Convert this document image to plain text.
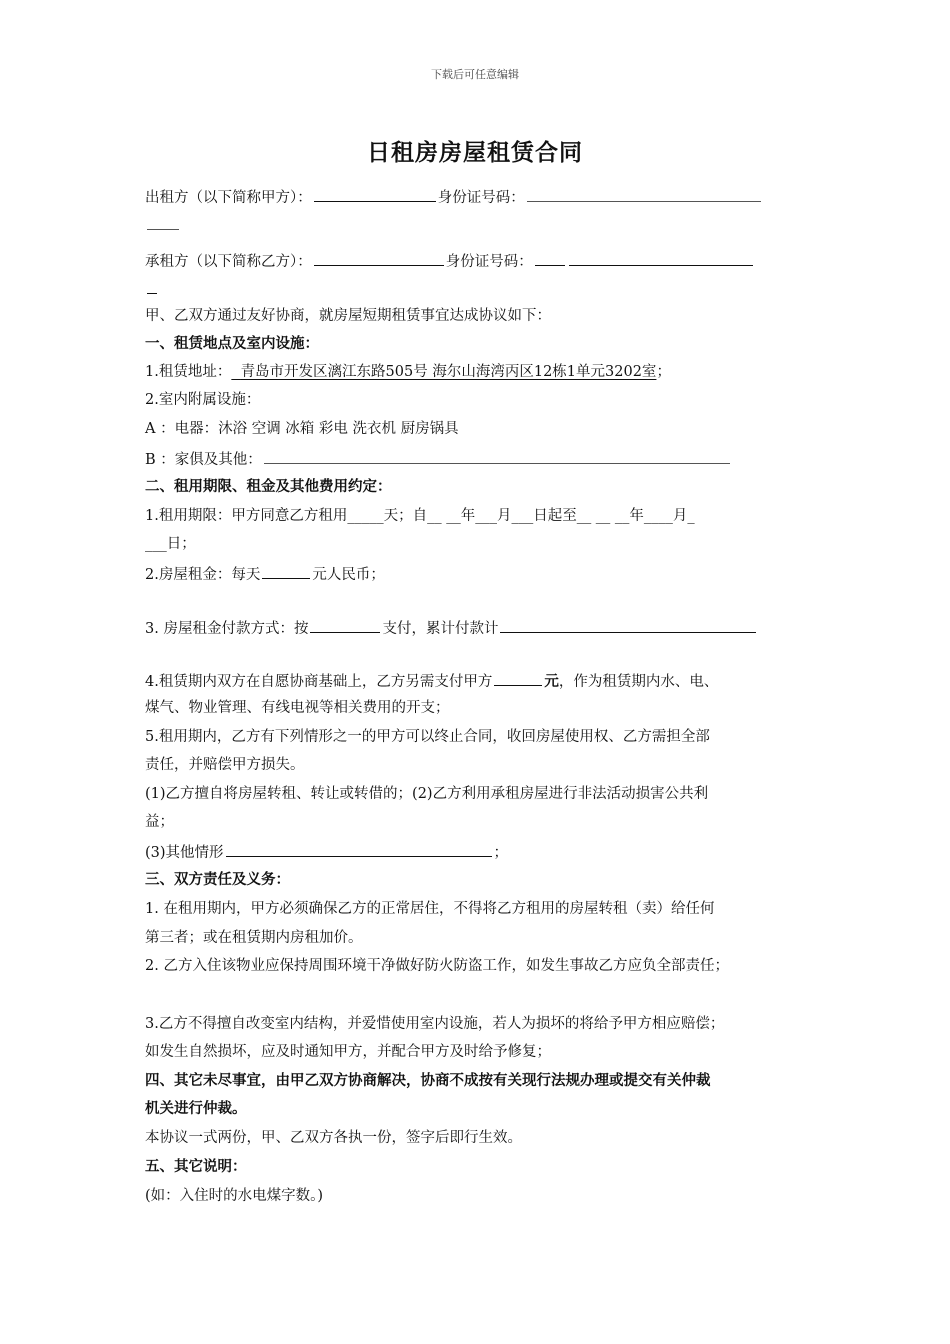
下载后可任意编辑
日租房房屋租赁合同
出租方（以下简称甲方）：	身份证号码：
承租方（以下简称乙方）：	身份证号码：
甲、乙双方通过友好协商，就房屋短期租赁事宜达成协议如下：
一、租赁地点及室内设施：
1.租赁地址： 青岛市开发区漓江东路505号 海尔山海湾丙区12栋1单元3202室；
2.室内附属设施：
A ：电器：沐浴 空调 冰箱 彩电 洗衣机 厨房锅具
B ：家俱及其他：
二、租用期限、租金及其他费用约定：
1.租用期限：甲方同意乙方租用_____天；自__ __年___月___日起至__ __ __年____月_
___日；
2.房屋租金：每天	元人民币；
3. 房屋租金付款方式：按	支付，累计付款计
4.租赁期内双方在自愿协商基础上，乙方另需支付甲方	元，作为租赁期内水、电、
煤气、物业管理、有线电视等相关费用的开支；
5.租用期内，乙方有下列情形之一的甲方可以终止合同，收回房屋使用权、乙方需担全部
责任，并赔偿甲方损失。
(1)乙方擅自将房屋转租、转让或转借的；(2)乙方利用承租房屋进行非法活动损害公共利
益；
(3)其他情形	；
三、双方责任及义务：
1. 在租用期内，甲方必须确保乙方的正常居住，不得将乙方租用的房屋转租（卖）给任何
第三者；或在租赁期内房租加价。
2. 乙方入住该物业应保持周围环境干净做好防火防盗工作，如发生事故乙方应负全部责任；
3.乙方不得擅自改变室内结构，并爱惜使用室内设施，若人为损坏的将给予甲方相应赔偿；
如发生自然损坏，应及时通知甲方，并配合甲方及时给予修复；
四、其它未尽事宜，由甲乙双方协商解决，协商不成按有关现行法规办理或提交有关仲裁
机关进行仲裁。
本协议一式两份，甲、乙双方各执一份，签字后即行生效。
五、其它说明：
(如：入住时的水电煤字数。)
